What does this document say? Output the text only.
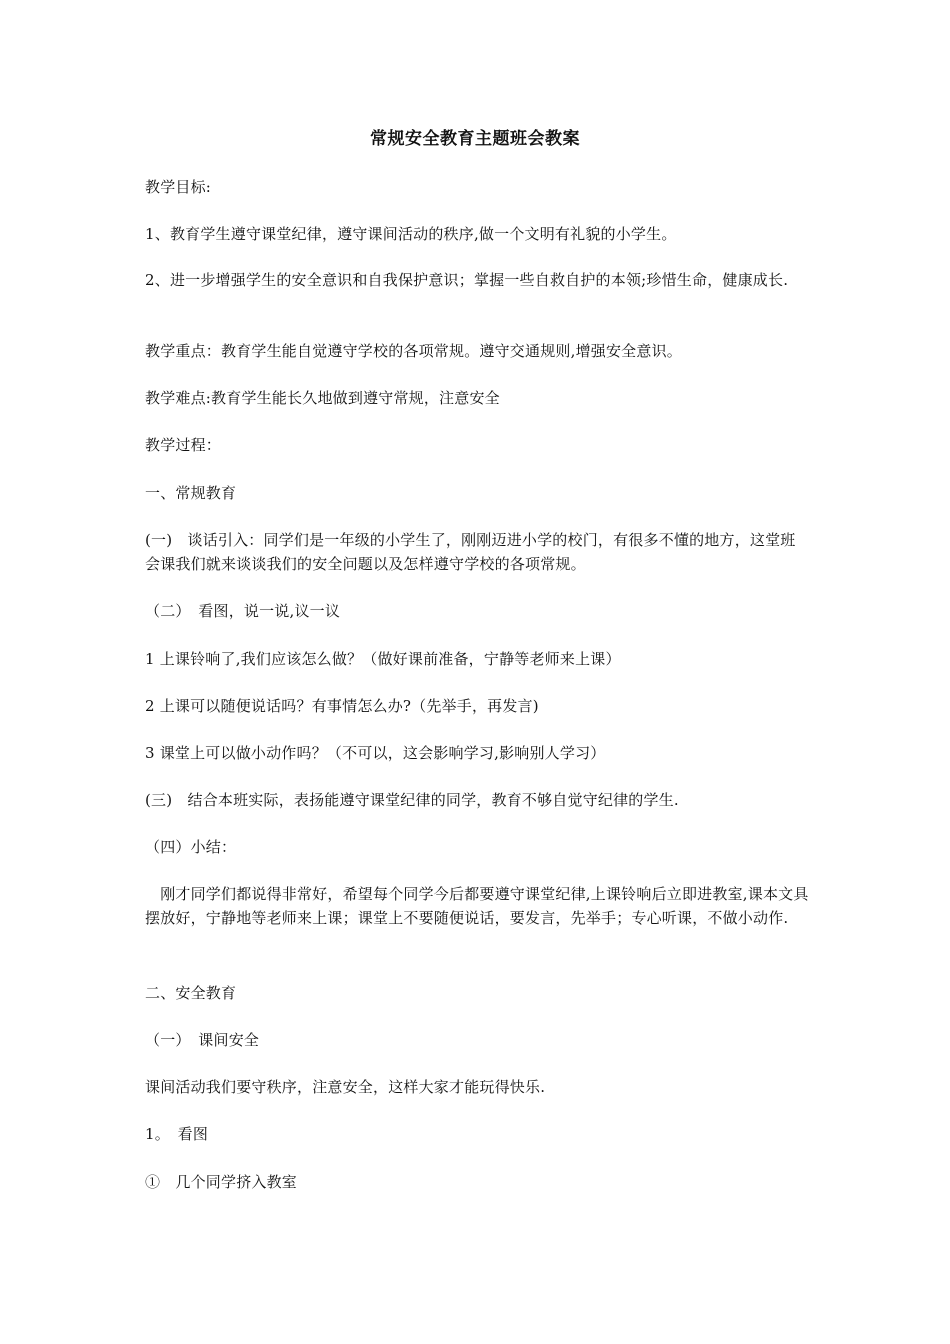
常规安全教育主题班会教案
教学目标:
1、教育学生遵守课堂纪律，遵守课间活动的秩序,做一个文明有礼貌的小学生。
2、进一步增强学生的安全意识和自我保护意识；掌握一些自救自护的本领;珍惜生命，健康成长.
教学重点：教育学生能自觉遵守学校的各项常规。遵守交通规则,增强安全意识。
教学难点:教育学生能长久地做到遵守常规，注意安全
教学过程：
一、常规教育
(一)　谈话引入：同学们是一年级的小学生了，刚刚迈进小学的校门，有很多不懂的地方，这堂班会课我们就来谈谈我们的安全问题以及怎样遵守学校的各项常规。
（二）　看图，说一说,议一议
1 上课铃响了,我们应该怎么做？（做好课前准备，宁静等老师来上课）
2 上课可以随便说话吗？有事情怎么办?（先举手，再发言)
3 课堂上可以做小动作吗？（不可以，这会影响学习,影响别人学习）
(三)　结合本班实际，表扬能遵守课堂纪律的同学，教育不够自觉守纪律的学生.
（四）小结：
　刚才同学们都说得非常好，希望每个同学今后都要遵守课堂纪律,上课铃响后立即进教室,课本文具摆放好，宁静地等老师来上课；课堂上不要随便说话，要发言，先举手；专心听课，不做小动作.
二、安全教育
（一）　课间安全
课间活动我们要守秩序，注意安全，这样大家才能玩得快乐.
1。　看图
①　几个同学挤入教室
